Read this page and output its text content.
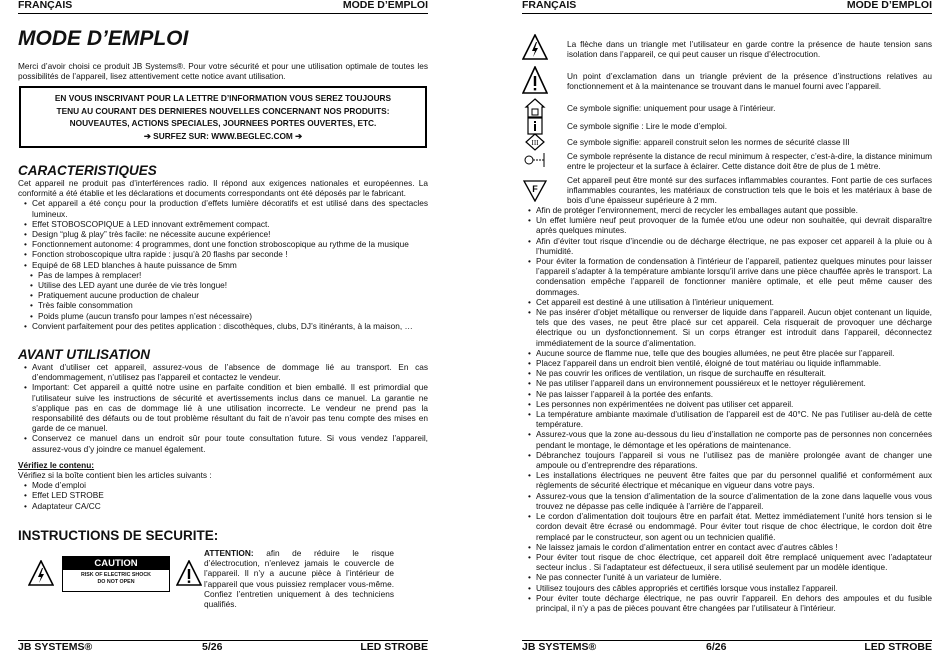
FRANÇAIS	MODE D’EMPLOI
MODE D’EMPLOI

Merci d’avoir choisi ce produit JB Systems®. Pour votre sécurité et pour une utilisation optimale de toutes les possibilités de l’appareil, lisez attentivement cette notice avant utilisation.

EN VOUS INSCRIVANT POUR LA LETTRE D’INFORMATION VOUS SEREZ TOUJOURS
TENU AU COURANT DES DERNIERES NOUVELLES CONCERNANT NOS PRODUITS:
NOUVEAUTES, ACTIONS SPECIALES, JOURNEES PORTES OUVERTES, ETC.
➔ SURFEZ SUR: WWW.BEGLEC.COM ➔
CARACTERISTIQUES

Cet appareil ne produit pas d’interférences radio. Il répond aux exigences nationales et européennes. La conformité a été établie et les déclarations et documents correspondants ont été déposés par le fabricant.

• Cet appareil a été conçu pour la production d’effets lumière décoratifs et est utilisé dans des spectacles lumineux.
• Effet STOBOSCOPIQUE à LED innovant extrêmement compact.
• Design “plug & play” très facile: ne nécessite aucune expérience!
• Fonctionnement autonome: 4 programmes, dont une fonction stroboscopique au rythme de la musique
• Fonction stroboscopique ultra rapide : jusqu’à 20 flashs par seconde !
• Equipé de 68 LED blanches à haute puissance de 5mm
• Pas de lampes à remplacer!
• Utilise des LED ayant une durée de vie très longue!
• Pratiquement aucune production de chaleur
• Très faible consommation
• Poids plume (aucun transfo pour lampes n’est nécessaire)
• Convient parfaitement pour des petites application : discothèques, clubs, DJ’s itinérants, à la maison, …
AVANT UTILISATION
• Avant d’utiliser cet appareil, assurez-vous de l’absence de dommage lié au transport. En cas d’endommagement, n’utilisez pas l’appareil et contactez le vendeur.
• Important: Cet appareil a quitté notre usine en parfaite condition et bien emballé. Il est primordial que l’utilisateur suive les instructions de sécurité et avertissements inclus dans ce manuel. La garantie ne s’applique pas en cas de dommage lié à une utilisation incorrecte. Le vendeur ne prend pas la responsabilité des défauts ou de tout problème résultant du fait de n’avoir pas tenu compte des mises en garde de ce manuel.
• Conservez ce manuel dans un endroit sûr pour toute consultation future. Si vous vendez l’appareil, assurez-vous d’y joindre ce manuel également.

Vérifiez le contenu:

Vérifiez si la boîte contient bien les articles suivants :

• Mode d’emploi
• Effet LED STROBE
• Adaptateur CA/CC
INSTRUCTIONS DE SECURITE:
CAUTION
RISK OF ELECTRIC SHOCK
DO NOT OPEN

ATTENTION: afin de réduire le risque d’électrocution, n’enlevez jamais le couvercle de l’appareil. Il n’y a aucune pièce à l’intérieur de l’appareil que vous puissiez remplacer vous-même. Confiez l’entretien uniquement à des techniciens qualifiés.

JB SYSTEMS®	5/26	LED STROBE
FRANÇAIS	MODE D’EMPLOI

La flèche dans un triangle met l’utilisateur en garde contre la présence de haute tension sans isolation dans l’appareil, ce qui peut causer un risque d’électrocution.

Un point d’exclamation dans un triangle prévient de la présence d’instructions relatives au fonctionnement et à la maintenance se trouvant dans le manuel fourni avec l’appareil.

Ce symbole signifie: uniquement pour usage à l’intérieur.

Ce symbole signifie : Lire le mode d’emploi.

III	Ce symbole signifie: appareil construit selon les normes de sécurité classe III

Ce symbole représente la distance de recul minimum à respecter, c’est-à-dire, la distance minimum entre le projecteur et la surface à éclairer. Cette distance doit être de plus de 1 mètre.

F

Cet appareil peut être monté sur des surfaces inflammables courantes. Font partie de ces surfaces inflammables courantes, les matériaux de construction tels que le bois et les matériaux à base de bois d’une épaisseur supérieure à 2 mm.

• Afin de protéger l’environnement, merci de recycler les emballages autant que possible.
• Un effet lumière neuf peut provoquer de la fumée et/ou une odeur non souhaitée, qui devrait disparaître après quelques minutes.
• Afin d’éviter tout risque d’incendie ou de décharge électrique, ne pas exposer cet appareil à la pluie ou à l’humidité.
• Pour éviter la formation de condensation à l’intérieur de l’appareil, patientez quelques minutes pour laisser l’appareil s’adapter à la température ambiante lorsqu’il arrive dans une pièce chauffée après le transport. La condensation empêche l’appareil de fonctionner manière optimale, et elle peut même causer des dommages.
• Cet appareil est destiné à une utilisation à l’intérieur uniquement.
• Ne pas insérer d’objet métallique ou renverser de liquide dans l’appareil. Aucun objet contenant un liquide, tels que des vases, ne peut être placé sur cet appareil. Cela risquerait de provoquer une décharge électrique ou un dysfonctionnement. Si un corps étranger est introduit dans l’appareil, déconnectez immédiatement de la source d’alimentation.
• Aucune source de flamme nue, telle que des bougies allumées, ne peut être placée sur l’appareil.
• Placez l’appareil dans un endroit bien ventilé, éloigné de tout matériau ou liquide inflammable.
• Ne pas couvrir les orifices de ventilation, un risque de surchauffe en résulterait.
• Ne pas utiliser l’appareil dans un environnement poussiéreux et le nettoyer régulièrement.
• Ne pas laisser l’appareil à la portée des enfants.
• Les personnes non expérimentées ne doivent pas utiliser cet appareil.
• La température ambiante maximale d’utilisation de l’appareil est de 40°C. Ne pas l’utiliser au-delà de cette température.
• Assurez-vous que la zone au-dessous du lieu d’installation ne comporte pas de personnes non concernées pendant le montage, le démontage et les opérations de maintenance.
• Débranchez toujours l’appareil si vous ne l’utilisez pas de manière prolongée avant de changer une ampoule ou d’entreprendre des réparations.
• Les installations électriques ne peuvent être faites que par du personnel qualifié et conformément aux règlements de sécurité électrique et mécanique en vigueur dans votre pays.
• Assurez-vous que la tension d’alimentation de la source d’alimentation de la zone dans laquelle vous vous trouvez ne dépasse pas celle indiquée à l’arrière de l’appareil.
• Le cordon d’alimentation doit toujours être en parfait état. Mettez immédiatement l’unité hors tension si le cordon devait être écrasé ou endommagé. Pour éviter tout risque de choc électrique, le cordon doit être remplacé par le constructeur, son agent ou un technicien qualifié.
• Ne laissez jamais le cordon d’alimentation entrer en contact avec d’autres câbles !
• Pour éviter tout risque de choc électrique, cet appareil doit être remplacé uniquement avec l’adaptateur secteur inclus . Si l’adaptateur est défectueux, il sera utilisé seulement par un modèle identique.
• Ne pas connecter l’unité à un variateur de lumière.
• Utilisez toujours des câbles appropriés et certifiés lorsque vous installez l’appareil.
• Pour éviter toute décharge électrique, ne pas ouvrir l’appareil. En dehors des ampoules et du fusible principal, il n’y a pas de pièces pouvant être changées par l’utilisateur à l’intérieur.
JB SYSTEMS®	6/26	LED STROBE
